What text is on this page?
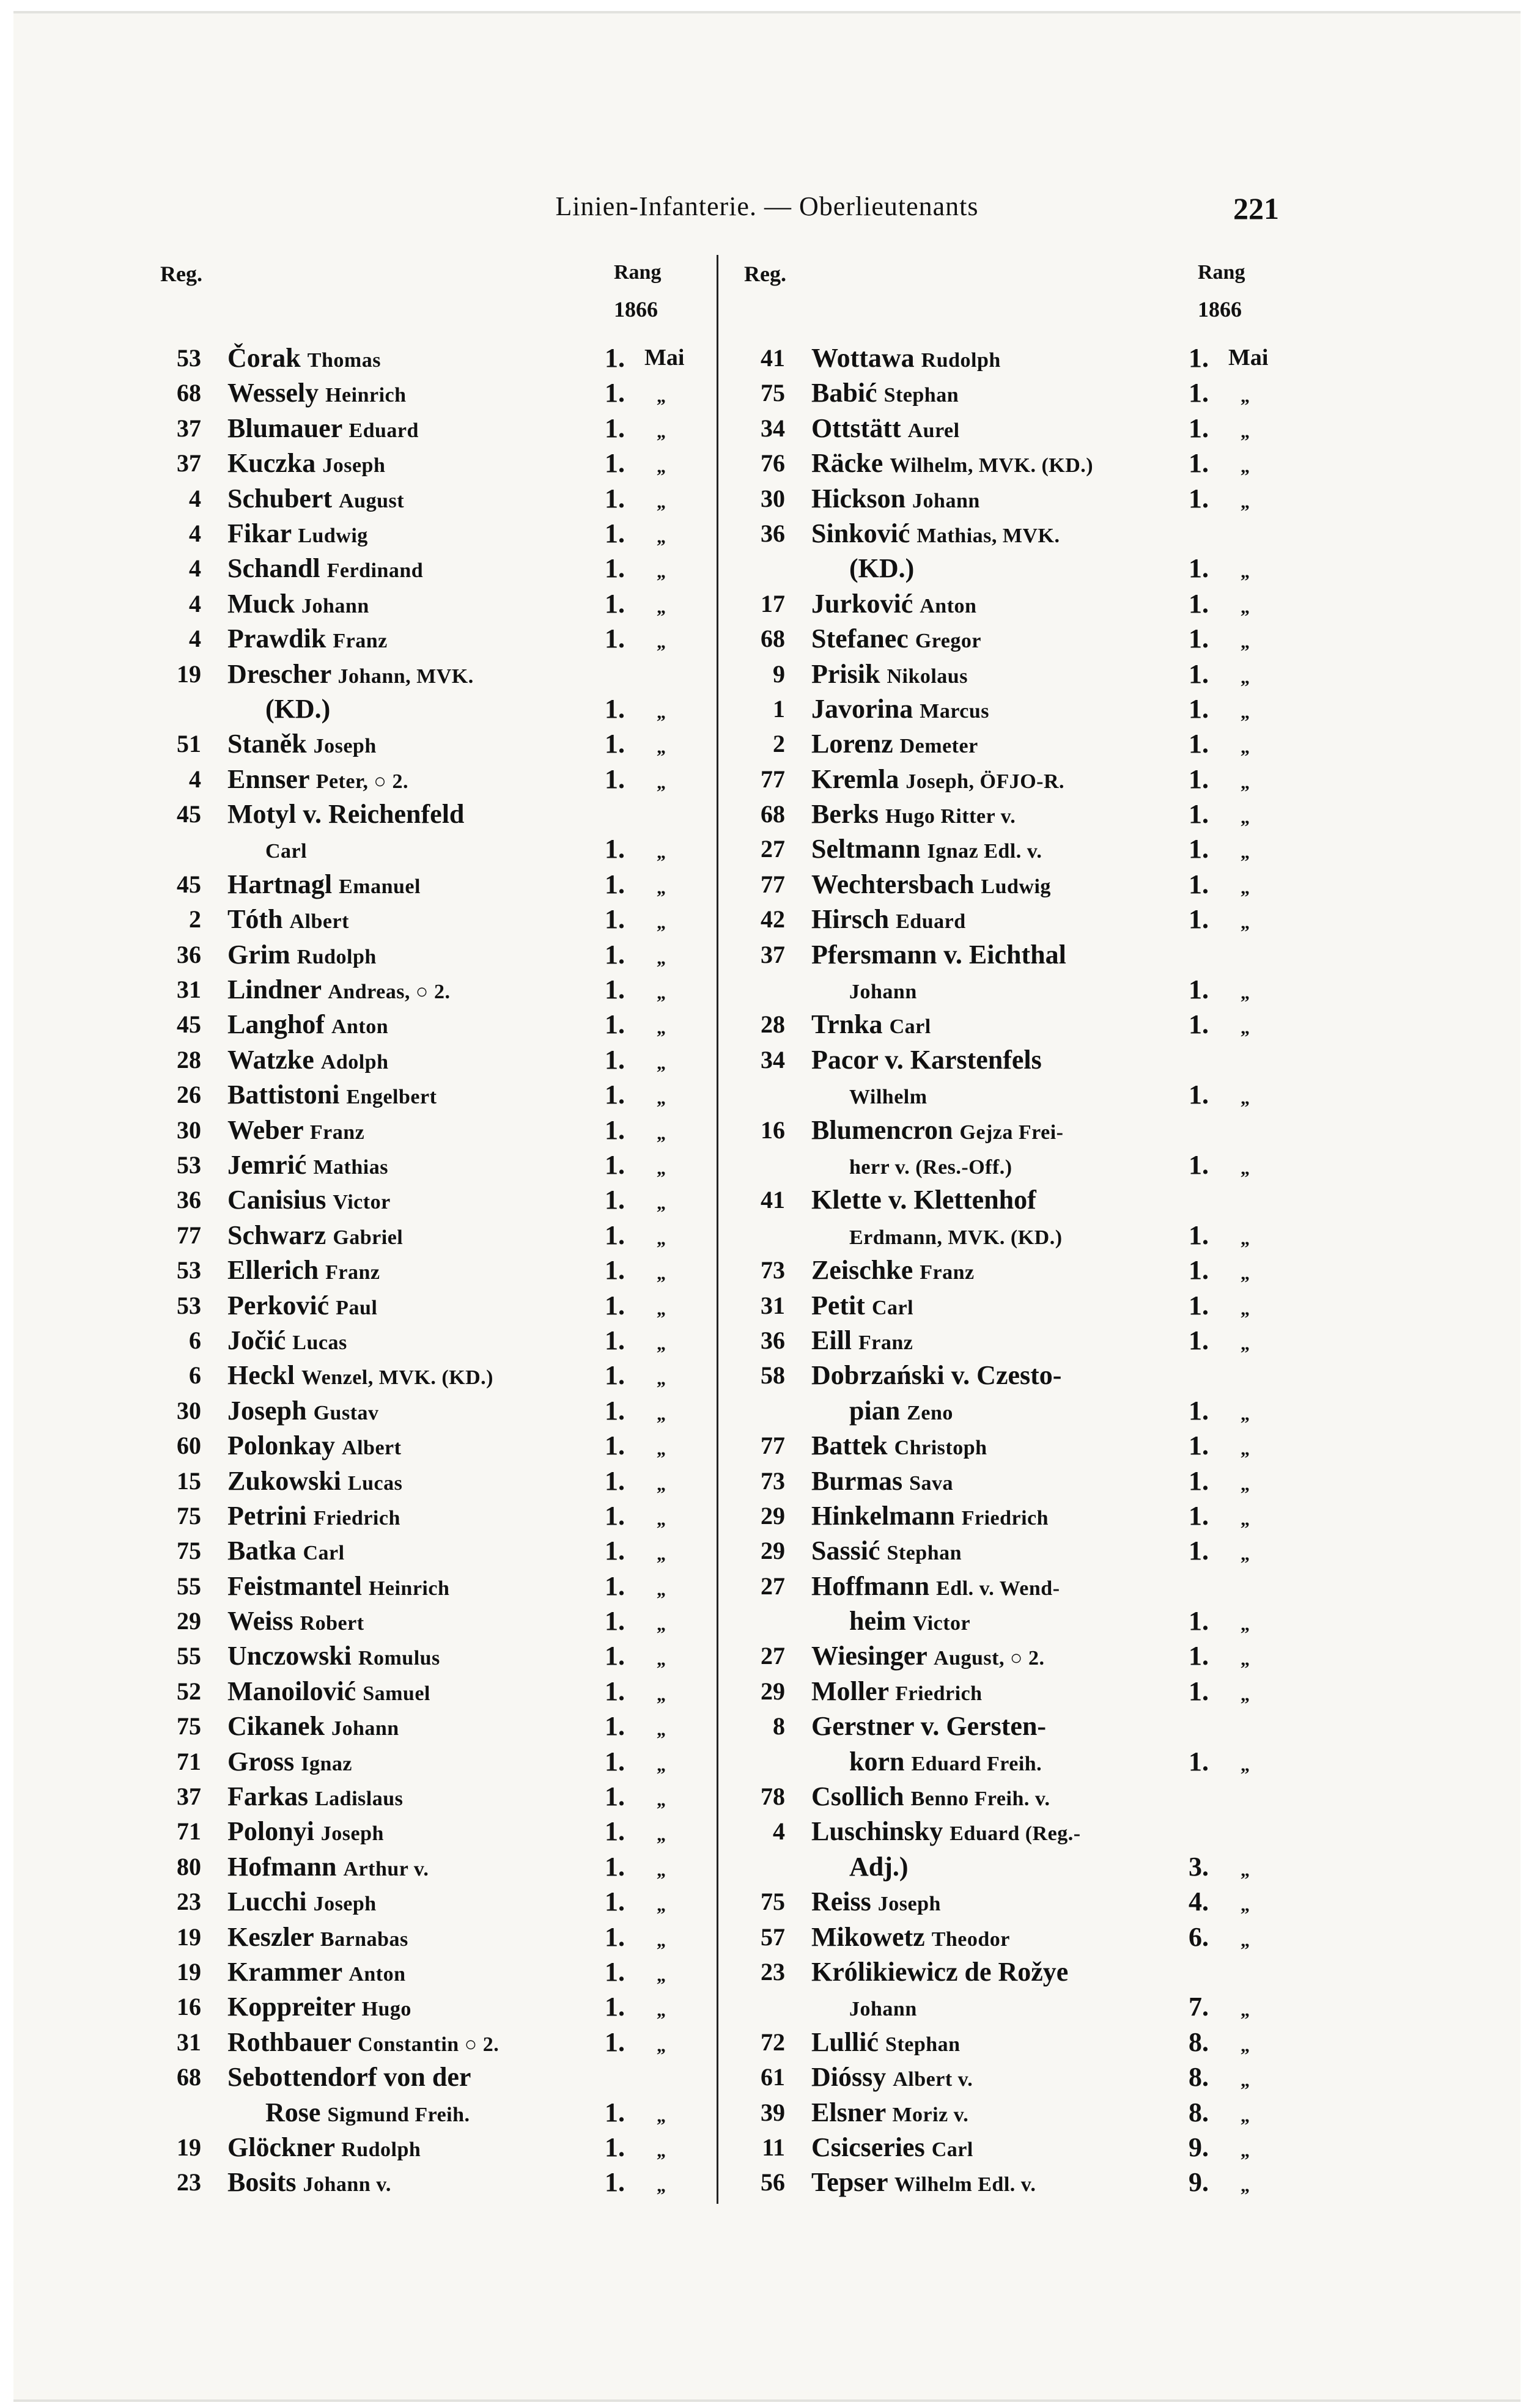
Linien-Infanterie. — Oberlieutenants	221
Reg.	Rang
1866
53 Čorak Thomas	1. Mai
68 Wessely Heinrich	1. „
37 Blumauer Eduard	1. „
37 Kuczka Joseph	1. „
4 Schubert August	1. „
4 Fikar Ludwig	1. „
4 Schandl Ferdinand	1. „
4 Muck Johann	1. „
4 Prawdik Franz	1. „
19 Drescher Johann, MVK.
(KD.)	1. „
51 Staněk Joseph	1. „
4 Ennser Peter, ○ 2.	1. „
45 Motyl v. Reichenfeld
Carl	1. „
45 Hartnagl Emanuel	1. „
2 Tóth Albert	1. „
36 Grim Rudolph	1. „
31 Lindner Andreas, ○ 2.	1. „
45 Langhof Anton	1. „
28 Watzke Adolph	1. „
26 Battistoni Engelbert	1. „
30 Weber Franz	1. „
53 Jemrić Mathias	1. „
36 Canisius Victor	1. „
77 Schwarz Gabriel	1. „
53 Ellerich Franz	1. „
53 Perković Paul	1. „
6 Jočić Lucas	1. „
6 Heckl Wenzel, MVK. (KD.)	1. „
30 Joseph Gustav	1. „
60 Polonkay Albert	1. „
15 Zukowski Lucas	1. „
75 Petrini Friedrich	1. „
75 Batka Carl	1. „
55 Feistmantel Heinrich	1. „
29 Weiss Robert	1. „
55 Unczowski Romulus	1. „
52 Manoilović Samuel	1. „
75 Cikanek Johann	1. „
71 Gross Ignaz	1. „
37 Farkas Ladislaus	1. „
71 Polonyi Joseph	1. „
80 Hofmann Arthur v.	1. „
23 Lucchi Joseph	1. „
19 Keszler Barnabas	1. „
19 Krammer Anton	1. „
16 Koppreiter Hugo	1. „
31 Rothbauer Constantin ○ 2.	1. „
68 Sebottendorf von der
Rose Sigmund Freih.	1. „
19 Glöckner Rudolph	1. „
23 Bosits Johann v.	1. „
Reg.	Rang
1866
41 Wottawa Rudolph	1. Mai
75 Babić Stephan	1. „
34 Ottstätt Aurel	1. „
76 Räcke Wilhelm, MVK. (KD.)	1. „
30 Hickson Johann	1. „
36 Sinković Mathias, MVK.
(KD.)	1. „
17 Jurković Anton	1. „
68 Stefanec Gregor	1. „
9 Prisik Nikolaus	1. „
1 Javorina Marcus	1. „
2 Lorenz Demeter	1. „
77 Kremla Joseph, ÖFJO-R.	1. „
68 Berks Hugo Ritter v.	1. „
27 Seltmann Ignaz Edl. v.	1. „
77 Wechtersbach Ludwig	1. „
42 Hirsch Eduard	1. „
37 Pfersmann v. Eichthal
Johann	1. „
28 Trnka Carl	1. „
34 Pacor v. Karstenfels
Wilhelm	1. „
16 Blumencron Gejza Frei-
herr v. (Res.-Off.)	1. „
41 Klette v. Klettenhof
Erdmann, MVK. (KD.)	1. „
73 Zeischke Franz	1. „
31 Petit Carl	1. „
36 Eill Franz	1. „
58 Dobrzański v. Czesto-
pian Zeno	1. „
77 Battek Christoph	1. „
73 Burmas Sava	1. „
29 Hinkelmann Friedrich	1. „
29 Sassić Stephan	1. „
27 Hoffmann Edl. v. Wend-
heim Victor	1. „
27 Wiesinger August, ○ 2.	1. „
29 Moller Friedrich	1. „
8 Gerstner v. Gersten-
korn Eduard Freih.	1. „
78 Csollich Benno Freih. v.
4 Luschinsky Eduard (Reg.-
Adj.)	3. „
75 Reiss Joseph	4. „
57 Mikowetz Theodor	6. „
23 Królikiewicz de Rožye
Johann	7. „
72 Lullić Stephan	8. „
61 Dióssy Albert v.	8. „
39 Elsner Moriz v.	8. „
11 Csicseries Carl	9. „
56 Tepser Wilhelm Edl. v.	9. „
